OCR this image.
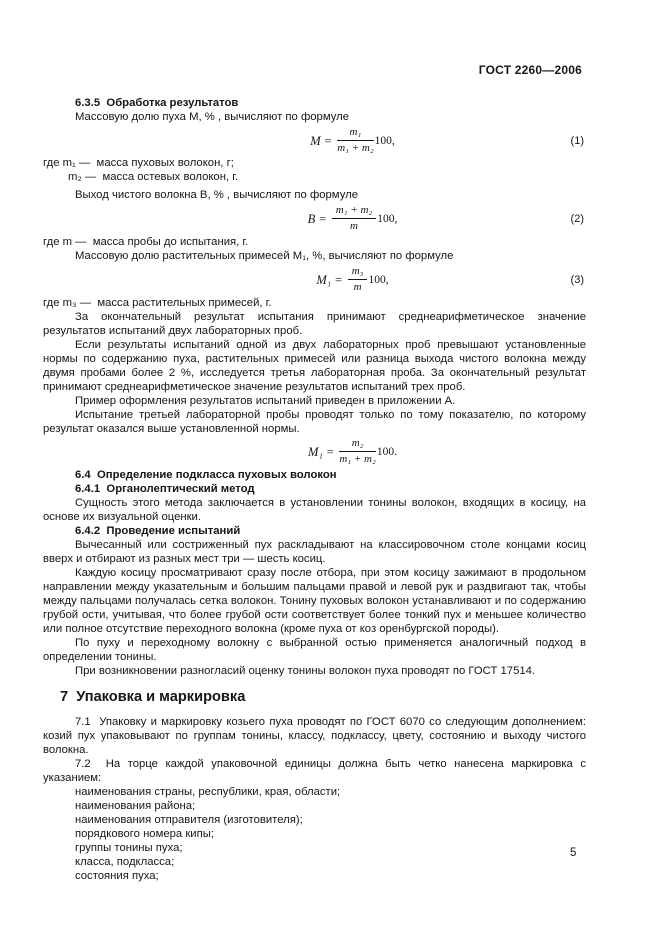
ГОСТ 2260—2006
6.3.5  Обработка результатов
Массовую долю пуха M, % , вычисляют по формуле
$M = \frac{\text{m₁}}{\text{m₁ + m₂}} 100$,	(1)
где m₁ —  масса пуховых волокон, г;
m₂ —  масса остевых волокон, г.
Выход чистого волокна B, % , вычисляют по формуле
$B = \frac{\text{m₁ + m₂}}{m} 100$,	(2)
где m —  масса пробы до испытания, г.
Массовую долю растительных примесей M₁, %, вычисляют по формуле
$M_1 = \frac{\text{m₃}}{m} 100$,	(3)
где m₃ —  масса растительных примесей, г.
За окончательный результат испытания принимают среднеарифметическое значение результатов испытаний двух лабораторных проб.
Если результаты испытаний одной из двух лабораторных проб превышают установленные нормы по содержанию пуха, растительных примесей или разница выхода чистого волокна между двумя пробами более 2 %, исследуется третья лабораторная проба. За окончательный результат принимают среднеарифметическое значение результатов испытаний трех проб.
Пример оформления результатов испытаний приведен в приложении А.
Испытание третьей лабораторной пробы проводят только по тому показателю, по которому результат оказался выше установленной нормы.
$M_1 = \frac{\text{m₂}}{\text{m₁ + m₂}} 100$.
6.4  Определение подкласса пуховых волокон
6.4.1  Органолептический метод
Сущность этого метода заключается в установлении тонины волокон, входящих в косицу, на основе их визуальной оценки.
6.4.2  Проведение испытаний
Вычесанный или состриженный пух раскладывают на классировочном столе концами косиц вверх и отбирают из разных мест три — шесть косиц.
Каждую косицу просматривают сразу после отбора, при этом косицу зажимают в продольном направлении между указательным и большим пальцами правой и левой рук и раздвигают так, чтобы между пальцами получалась сетка волокон. Тонину пуховых волокон устанавливают и по содержанию грубой ости, учитывая, что более грубой ости соответствует более тонкий пух и меньшее количество или полное отсутствие переходного волокна (кроме пуха от коз оренбургской породы).
По пуху и переходному волокну с выбранной остью применяется аналогичный подход в определении тонины.
При возникновении разногласий оценку тонины волокон пуха проводят по ГОСТ 17514.
7  Упаковка и маркировка
7.1  Упаковку и маркировку козьего пуха проводят по ГОСТ 6070 со следующим дополнением: козий пух упаковывают по группам тонины, классу, подклассу, цвету, состоянию и выходу чистого волокна.
7.2  На торце каждой упаковочной единицы должна быть четко нанесена маркировка с указанием:
наименования страны, республики, края, области;
наименования района;
наименования отправителя (изготовителя);
порядкового номера кипы;
группы тонины пуха;
класса, подкласса;
состояния пуха;
5
